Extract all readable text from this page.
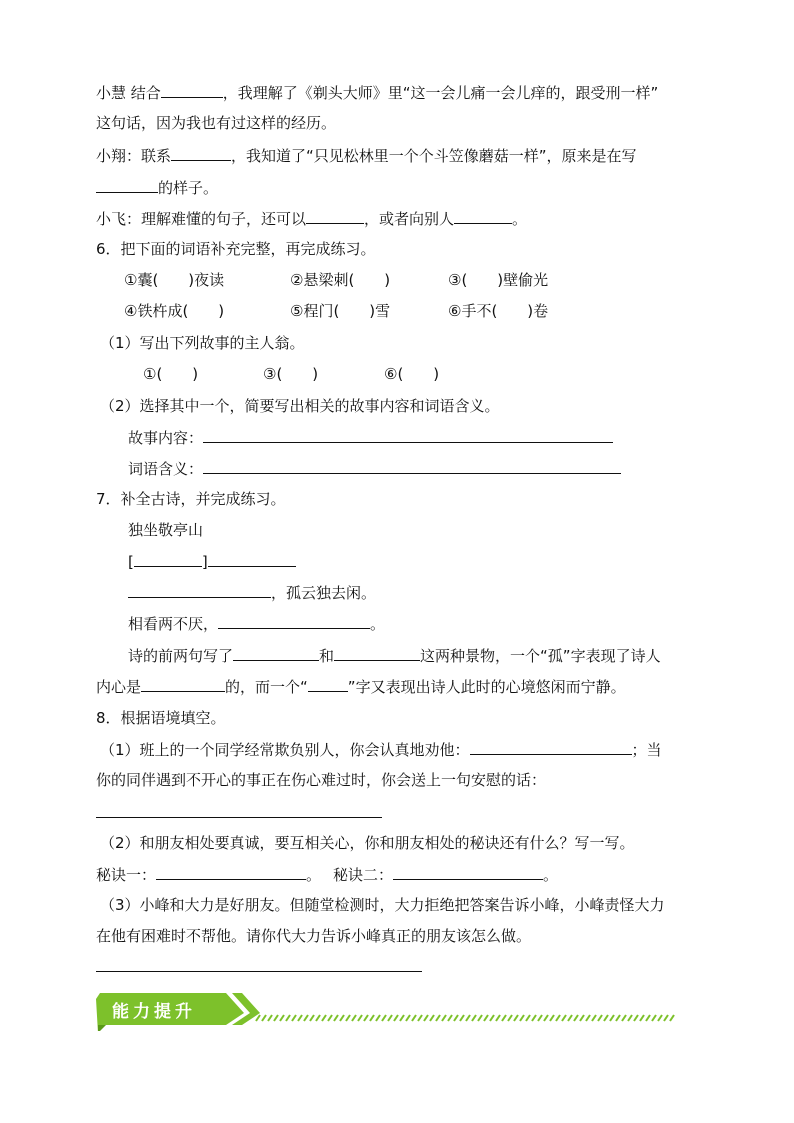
小慧 结合	，我理解了《剃头大师》里“这一会儿痛一会儿痒的，跟受刑一样”
这句话，因为我也有过这样的经历。
小翔：联系	，我知道了“只见松林里一个个斗笠像蘑菇一样”，原来是在写
的样子。
小飞：理解难懂的句子，还可以	，或者向别人	。
6．把下面的词语补充完整，再完成练习。
①囊(　　)夜读	②悬梁刺(　　)	③(　　)壁偷光
④铁杵成(　　)	⑤程门(　　)雪	⑥手不(　　)卷
（1）写出下列故事的主人翁。
①(　　)	③(　　)	⑥(　　)
（2）选择其中一个，简要写出相关的故事内容和词语含义。
故事内容：
词语含义：
7．补全古诗，并完成练习。
独坐敬亭山
[	]
，孤云独去闲。
相看两不厌，	。
诗的前两句写了	和	这两种景物，一个“孤”字表现了诗人
内心是	的，而一个“	”字又表现出诗人此时的心境悠闲而宁静。
8．根据语境填空。
（1）班上的一个同学经常欺负别人，你会认真地劝他：	；当
你的同伴遇到不开心的事正在伤心难过时，你会送上一句安慰的话：
（2）和朋友相处要真诚，要互相关心，你和朋友相处的秘诀还有什么？写一写。
秘诀一：	。 秘诀二：	。
（3）小峰和大力是好朋友。但随堂检测时，大力拒绝把答案告诉小峰，小峰责怪大力
在他有困难时不帮他。请你代大力告诉小峰真正的朋友该怎么做。
能力提升
